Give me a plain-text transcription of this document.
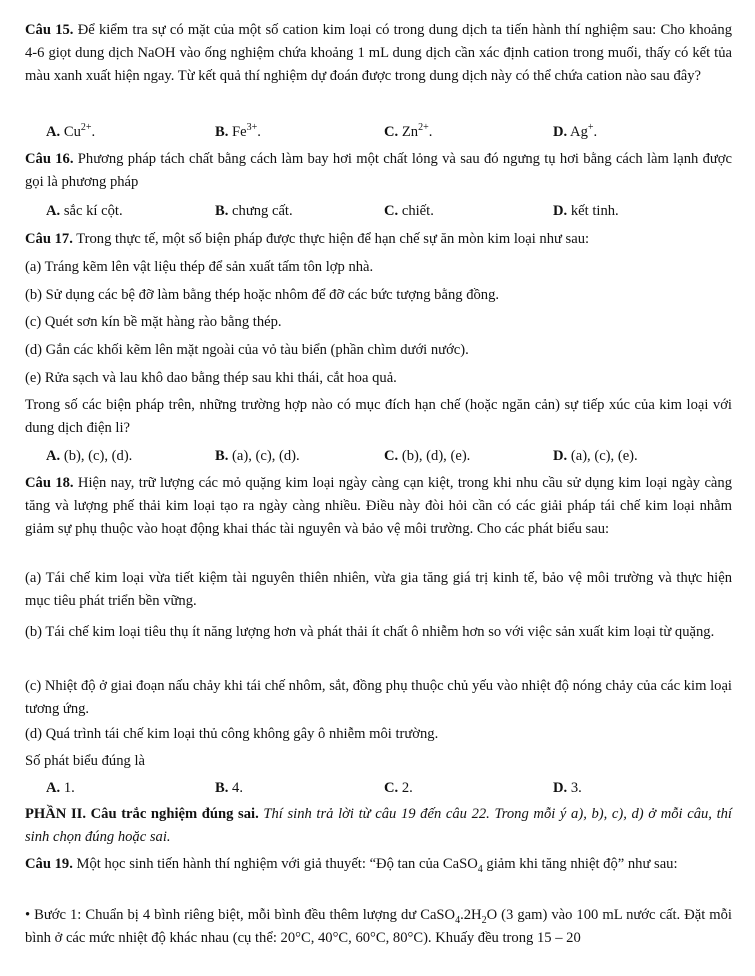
Câu 15. Để kiểm tra sự có mặt của một số cation kim loại có trong dung dịch ta tiến hành thí nghiệm sau: Cho khoảng 4-6 giọt dung dịch NaOH vào ống nghiệm chứa khoảng 1 mL dung dịch cần xác định cation trong muối, thấy có kết tủa màu xanh xuất hiện ngay. Từ kết quả thí nghiệm dự đoán được trong dung dịch này có thể chứa cation nào sau đây?
A. $Cu^{2+}$.	B. $Fe^{3+}$.	C. $Zn^{2+}$.	D. Ag+.
Câu 16. Phương pháp tách chất bằng cách làm bay hơi một chất lỏng và sau đó ngưng tụ hơi bằng cách làm lạnh được gọi là phương pháp
A. sắc kí cột.	B. chưng cất.	C. chiết.	D. kết tinh.
Câu 17. Trong thực tế, một số biện pháp được thực hiện để hạn chế sự ăn mòn kim loại như sau:
(a) Tráng kẽm lên vật liệu thép để sản xuất tấm tôn lợp nhà.
(b) Sử dụng các bệ đỡ làm bằng thép hoặc nhôm để đỡ các bức tượng bằng đồng.
(c) Quét sơn kín bề mặt hàng rào bằng thép.
(d) Gắn các khối kẽm lên mặt ngoài của vỏ tàu biển (phần chìm dưới nước).
(e) Rửa sạch và lau khô dao bằng thép sau khi thái, cắt hoa quả.
Trong số các biện pháp trên, những trường hợp nào có mục đích hạn chế (hoặc ngăn cản) sự tiếp xúc của kim loại với dung dịch điện li?
A. (b), (c), (d).	B. (a), (c), (d).	C. (b), (d), (e).	D. (a), (c), (e).
Câu 18. Hiện nay, trữ lượng các mỏ quặng kim loại ngày càng cạn kiệt, trong khi nhu cầu sử dụng kim loại ngày càng tăng và lượng phế thải kim loại tạo ra ngày càng nhiều. Điều này đòi hỏi cần có các giải pháp tái chế kim loại nhằm giảm sự phụ thuộc vào hoạt động khai thác tài nguyên và bảo vệ môi trường. Cho các phát biểu sau:
(a) Tái chế kim loại vừa tiết kiệm tài nguyên thiên nhiên, vừa gia tăng giá trị kinh tế, bảo vệ môi trường và thực hiện mục tiêu phát triển bền vững.
(b) Tái chế kim loại tiêu thụ ít năng lượng hơn và phát thải ít chất ô nhiễm hơn so với việc sản xuất kim loại từ quặng.
(c) Nhiệt độ ở giai đoạn nấu chảy khi tái chế nhôm, sắt, đồng phụ thuộc chủ yếu vào nhiệt độ nóng chảy của các kim loại tương ứng.
(d) Quá trình tái chế kim loại thủ công không gây ô nhiễm môi trường.
Số phát biểu đúng là
A. 1.	B. 4.	C. 2.	D. 3.
PHẦN II. Câu trắc nghiệm đúng sai. Thí sinh trả lời từ câu 19 đến câu 22. Trong mỗi ý a), b), c), d) ở mỗi câu, thí sinh chọn đúng hoặc sai.
Câu 19. Một học sinh tiến hành thí nghiệm với giả thuyết: “Độ tan của CaSO$_4$ giảm khi tăng nhiệt độ” như sau:
• Bước 1: Chuẩn bị 4 bình riêng biệt, mỗi bình đều thêm lượng dư $CaSO_4.2H_2O$ (3 gam) vào 100 mL nước cất. Đặt mỗi bình ở các mức nhiệt độ khác nhau (cụ thể: 20°C, 40°C, 60°C, 80°C). Khuấy đều trong 15 – 20
